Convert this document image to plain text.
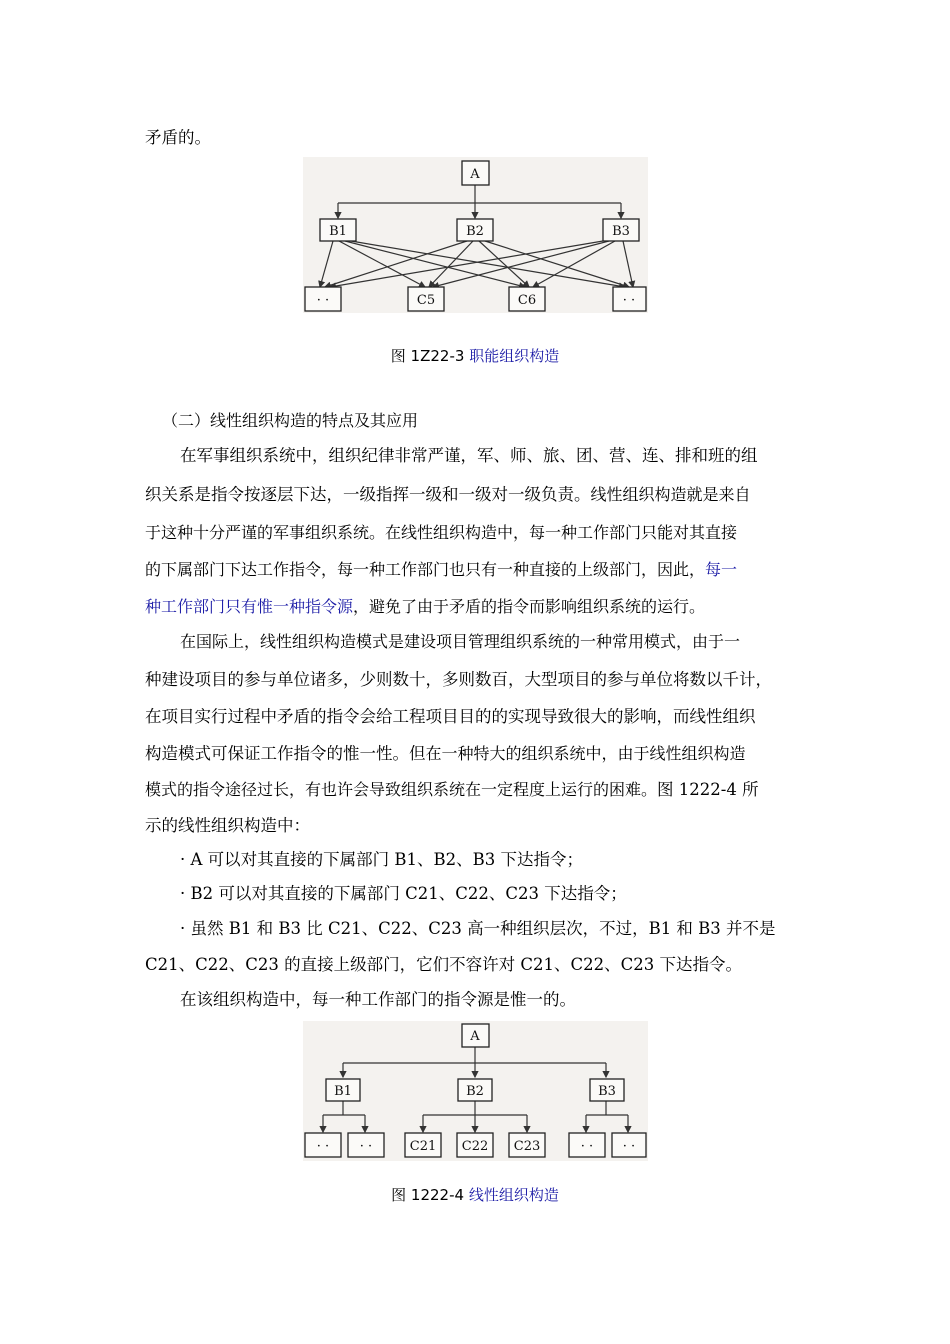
矛盾的。
A
B1	B2	B3
· ·	C5	C6	· ·
图 1Z22-3 职能组织构造
（二）线性组织构造的特点及其应用
在军事组织系统中，组织纪律非常严谨，军、师、旅、团、营、连、排和班的组
织关系是指令按逐层下达，一级指挥一级和一级对一级负责。线性组织构造就是来自
于这种十分严谨的军事组织系统。在线性组织构造中，每一种工作部门只能对其直接
的下属部门下达工作指令，每一种工作部门也只有一种直接的上级部门，因此，每一
种工作部门只有惟一种指令源，避免了由于矛盾的指令而影响组织系统的运行。
在国际上，线性组织构造模式是建设项目管理组织系统的一种常用模式，由于一
种建设项目的参与单位诸多，少则数十，多则数百，大型项目的参与单位将数以千计，
在项目实行过程中矛盾的指令会给工程项目目的的实现导致很大的影响，而线性组织
构造模式可保证工作指令的惟一性。但在一种特大的组织系统中，由于线性组织构造
模式的指令途径过长，有也许会导致组织系统在一定程度上运行的困难。图 1222-4 所
示的线性组织构造中：
· A 可以对其直接的下属部门 B1、B2、B3 下达指令；
· B2 可以对其直接的下属部门 C21、C22、C23 下达指令；
· 虽然 B1 和 B3 比 C21、C22、C23 高一种组织层次，不过，B1 和 B3 并不是
C21、C22、C23 的直接上级部门，它们不容许对 C21、C22、C23 下达指令。
在该组织构造中，每一种工作部门的指令源是惟一的。
A
B1	B2	B3
· · · ·	C21 C22 C23	· · · ·
图 1222-4 线性组织构造
